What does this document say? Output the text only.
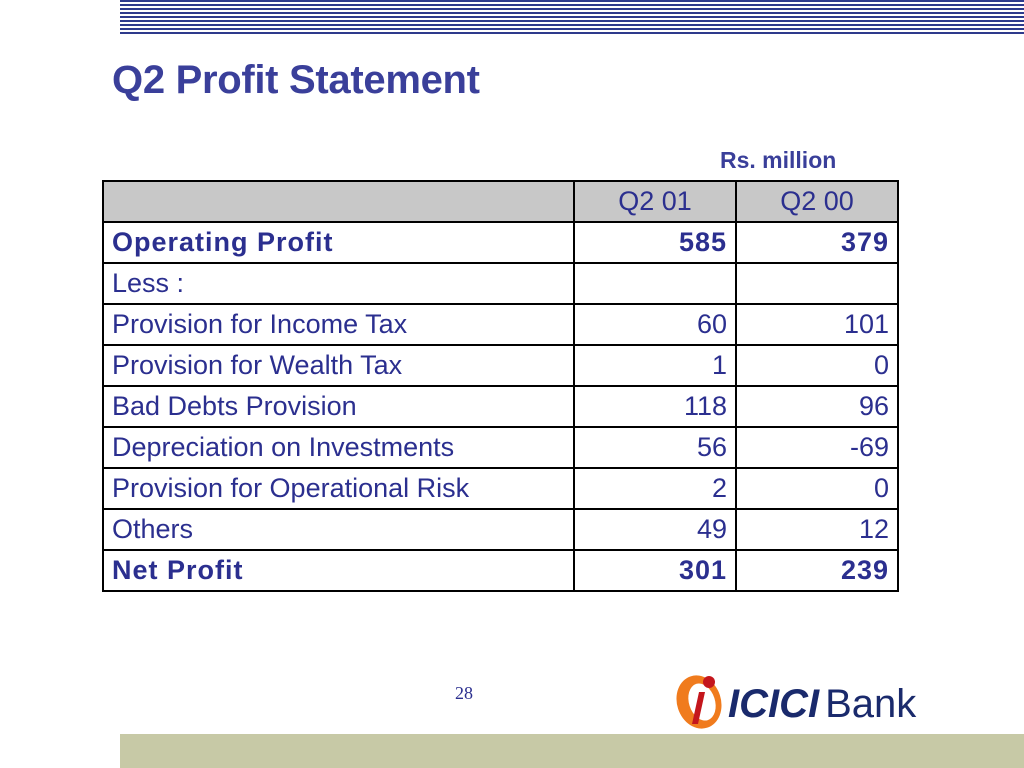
Q2 Profit Statement
Rs. million
	Q2 01	Q2 00
Operating Profit	585	379
Less :		
Provision for Income Tax	60	101
Provision for Wealth Tax	1	0
Bad Debts Provision	118	96
Depreciation on Investments	56	-69
Provision for Operational Risk	2	0
Others	49	12
Net Profit	301	239
28	ICICI Bank
